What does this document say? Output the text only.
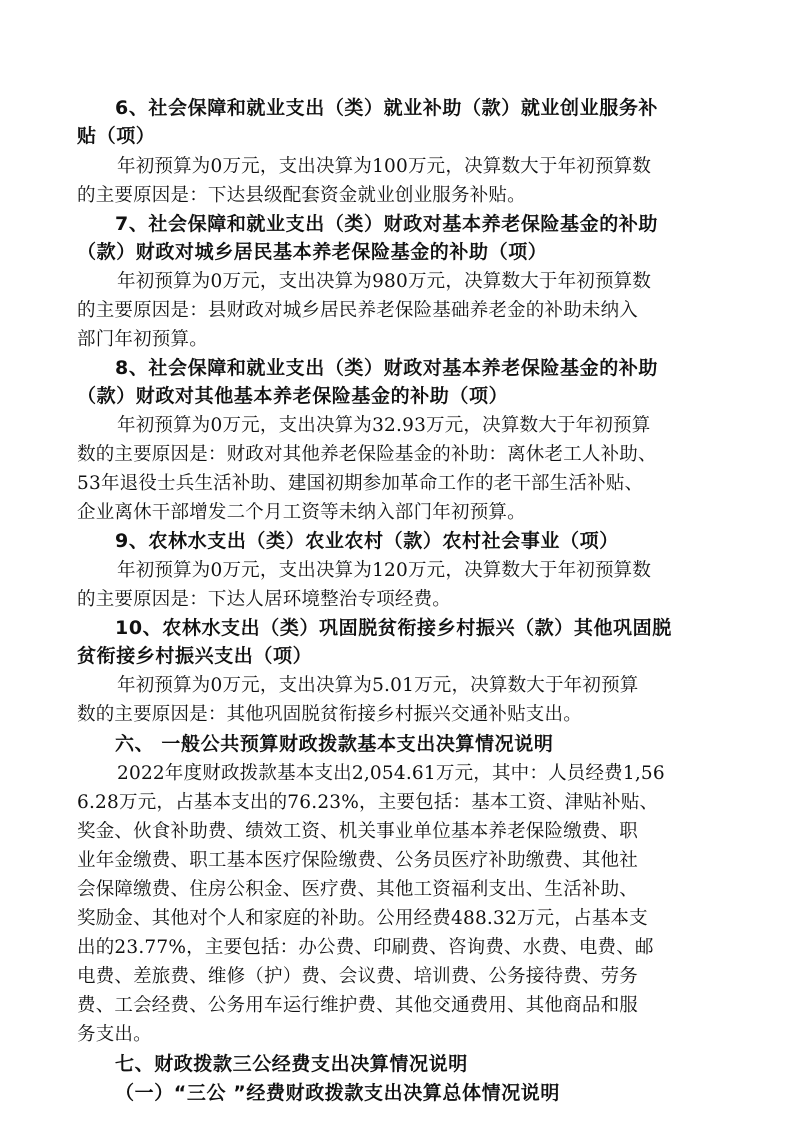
6、社会保障和就业支出（类）就业补助（款）就业创业服务补

贴（项）

年初预算为0万元，支出决算为100万元，决算数大于年初预算数

的主要原因是：下达县级配套资金就业创业服务补贴。

7、社会保障和就业支出（类）财政对基本养老保险基金的补助

（款）财政对城乡居民基本养老保险基金的补助（项）

年初预算为0万元，支出决算为980万元，决算数大于年初预算数

的主要原因是：县财政对城乡居民养老保险基础养老金的补助未纳入

部门年初预算。

8、社会保障和就业支出（类）财政对基本养老保险基金的补助

（款）财政对其他基本养老保险基金的补助（项）

年初预算为0万元，支出决算为32.93万元，决算数大于年初预算

数的主要原因是：财政对其他养老保险基金的补助：离休老工人补助、

53年退役士兵生活补助、建国初期参加革命工作的老干部生活补贴、

企业离休干部增发二个月工资等未纳入部门年初预算。

9、农林水支出（类）农业农村（款）农村社会事业（项）

年初预算为0万元，支出决算为120万元，决算数大于年初预算数

的主要原因是：下达人居环境整治专项经费。

10、农林水支出（类）巩固脱贫衔接乡村振兴（款）其他巩固脱

贫衔接乡村振兴支出（项）

年初预算为0万元，支出决算为5.01万元，决算数大于年初预算

数的主要原因是：其他巩固脱贫衔接乡村振兴交通补贴支出。

六、 一般公共预算财政拨款基本支出决算情况说明

2022年度财政拨款基本支出2,054.61万元，其中：人员经费1,56

6.28万元，占基本支出的76.23%，主要包括：基本工资、津贴补贴、

奖金、伙食补助费、绩效工资、机关事业单位基本养老保险缴费、职

业年金缴费、职工基本医疗保险缴费、公务员医疗补助缴费、其他社

会保障缴费、住房公积金、医疗费、其他工资福利支出、生活补助、

奖励金、其他对个人和家庭的补助。公用经费488.32万元，占基本支

出的23.77%，主要包括：办公费、印刷费、咨询费、水费、电费、邮

电费、差旅费、维修（护）费、会议费、培训费、公务接待费、劳务

费、工会经费、公务用车运行维护费、其他交通费用、其他商品和服

务支出。

七、财政拨款三公经费支出决算情况说明

（一）“三公 ”经费财政拨款支出决算总体情况说明
